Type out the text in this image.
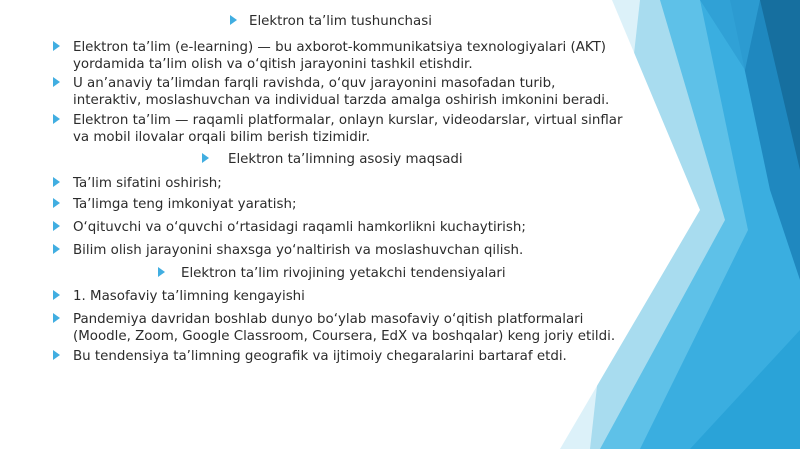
Elektron ta’lim tushunchasi
Elektron ta’lim (e-learning) — bu axborot-kommunikatsiya texnologiyalari (AKT)
yordamida ta’lim olish va o‘qitish jarayonini tashkil etishdir.
U an’anaviy ta’limdan farqli ravishda, o‘quv jarayonini masofadan turib,
interaktiv, moslashuvchan va individual tarzda amalga oshirish imkonini beradi.
Elektron ta’lim — raqamli platformalar, onlayn kurslar, videodarslar, virtual sinflar
va mobil ilovalar orqali bilim berish tizimidir.
Elektron ta’limning asosiy maqsadi
Ta’lim sifatini oshirish;
Ta’limga teng imkoniyat yaratish;
O‘qituvchi va o‘quvchi o‘rtasidagi raqamli hamkorlikni kuchaytirish;
Bilim olish jarayonini shaxsga yo‘naltirish va moslashuvchan qilish.
Elektron ta’lim rivojining yetakchi tendensiyalari
1. Masofaviy ta’limning kengayishi
Pandemiya davridan boshlab dunyo bo‘ylab masofaviy o‘qitish platformalari
(Moodle, Zoom, Google Classroom, Coursera, EdX va boshqalar) keng joriy etildi.
Bu tendensiya ta’limning geografik va ijtimoiy chegaralarini bartaraf etdi.
